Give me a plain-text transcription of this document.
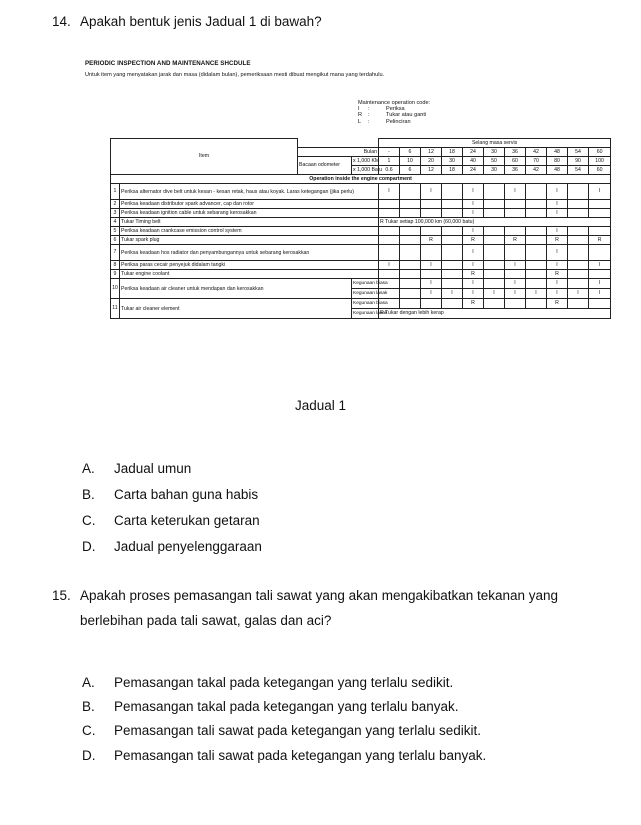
14. Apakah bentuk jenis Jadual 1 di bawah?
PERIODIC INSPECTION AND MAINTENANCE SHCDULE
Untuk item yang menyatakan jarak dan masa (didalam bulan), pemeriksaan mesti dibuat mengikut mana yang terdahulu.
Maintenance operation code:
I :	Periksa
R :	Tukar atau ganti
L :	Pelinciran
Item				Selang masa servis										
		Bulan		-	6	12	18	24	30	36	42	48	54	60
		Bacaan odometer	x 1,000 KM	1	10	20	30	40	50	60	70	80	90	100
			x 1,000 Batu	0.6	6	12	18	24	30	36	42	48	54	60
Operation inside the engine compartment														
1	Periksa alternator dive belt untuk kesan - kesan retak, haus atau koyak. Laras ketegangan (jika perlu)			I		I		I		I		I		I
2	Periksa keadaan distributor spark advancer, cap dan rotor							I				I		
3	Periksa keadaan ignition cable untuk sebarang kerosakkan							I				I		
4	Tukar Timing belt			R Tukar setiap 100,000 km (60,000 batu)										
5	Periksa keadaan crankcase emission control system							I				I		
6	Tukar spark plug					R		R		R		R		R
7	Periksa keadaan hos radiator dan penyambungannya untuk sebarang kerosakkan							I				I		
8	Periksa paras cecair penyejuk didalam tangki			I		I		I		I		I		I
9	Tukar engine coolant							R				R		
10	Periksa keadaan air cleaner untuk mendapan dan kerosakkan		Kegunaan biasa			I		I		I		I		I
			Kegunaan lasak			I	I	I	I	I	I	I	I	I
11	Tukar air cleaner element		Kegunaan biasa					R				R		
			Kegunaan lasak	R Tukar dengan lebih kerap										
Jadual 1
A. Jadual umun
B. Carta bahan guna habis
C. Carta keterukan getaran
D. Jadual penyelenggaraan
15. Apakah proses pemasangan tali sawat yang akan mengakibatkan tekanan yang
berlebihan pada tali sawat, galas dan aci?
A. Pemasangan takal pada ketegangan yang terlalu sedikit.
B. Pemasangan takal pada ketegangan yang terlalu banyak.
C. Pemasangan tali sawat pada ketegangan yang terlalu sedikit.
D. Pemasangan tali sawat pada ketegangan yang terlalu banyak.
